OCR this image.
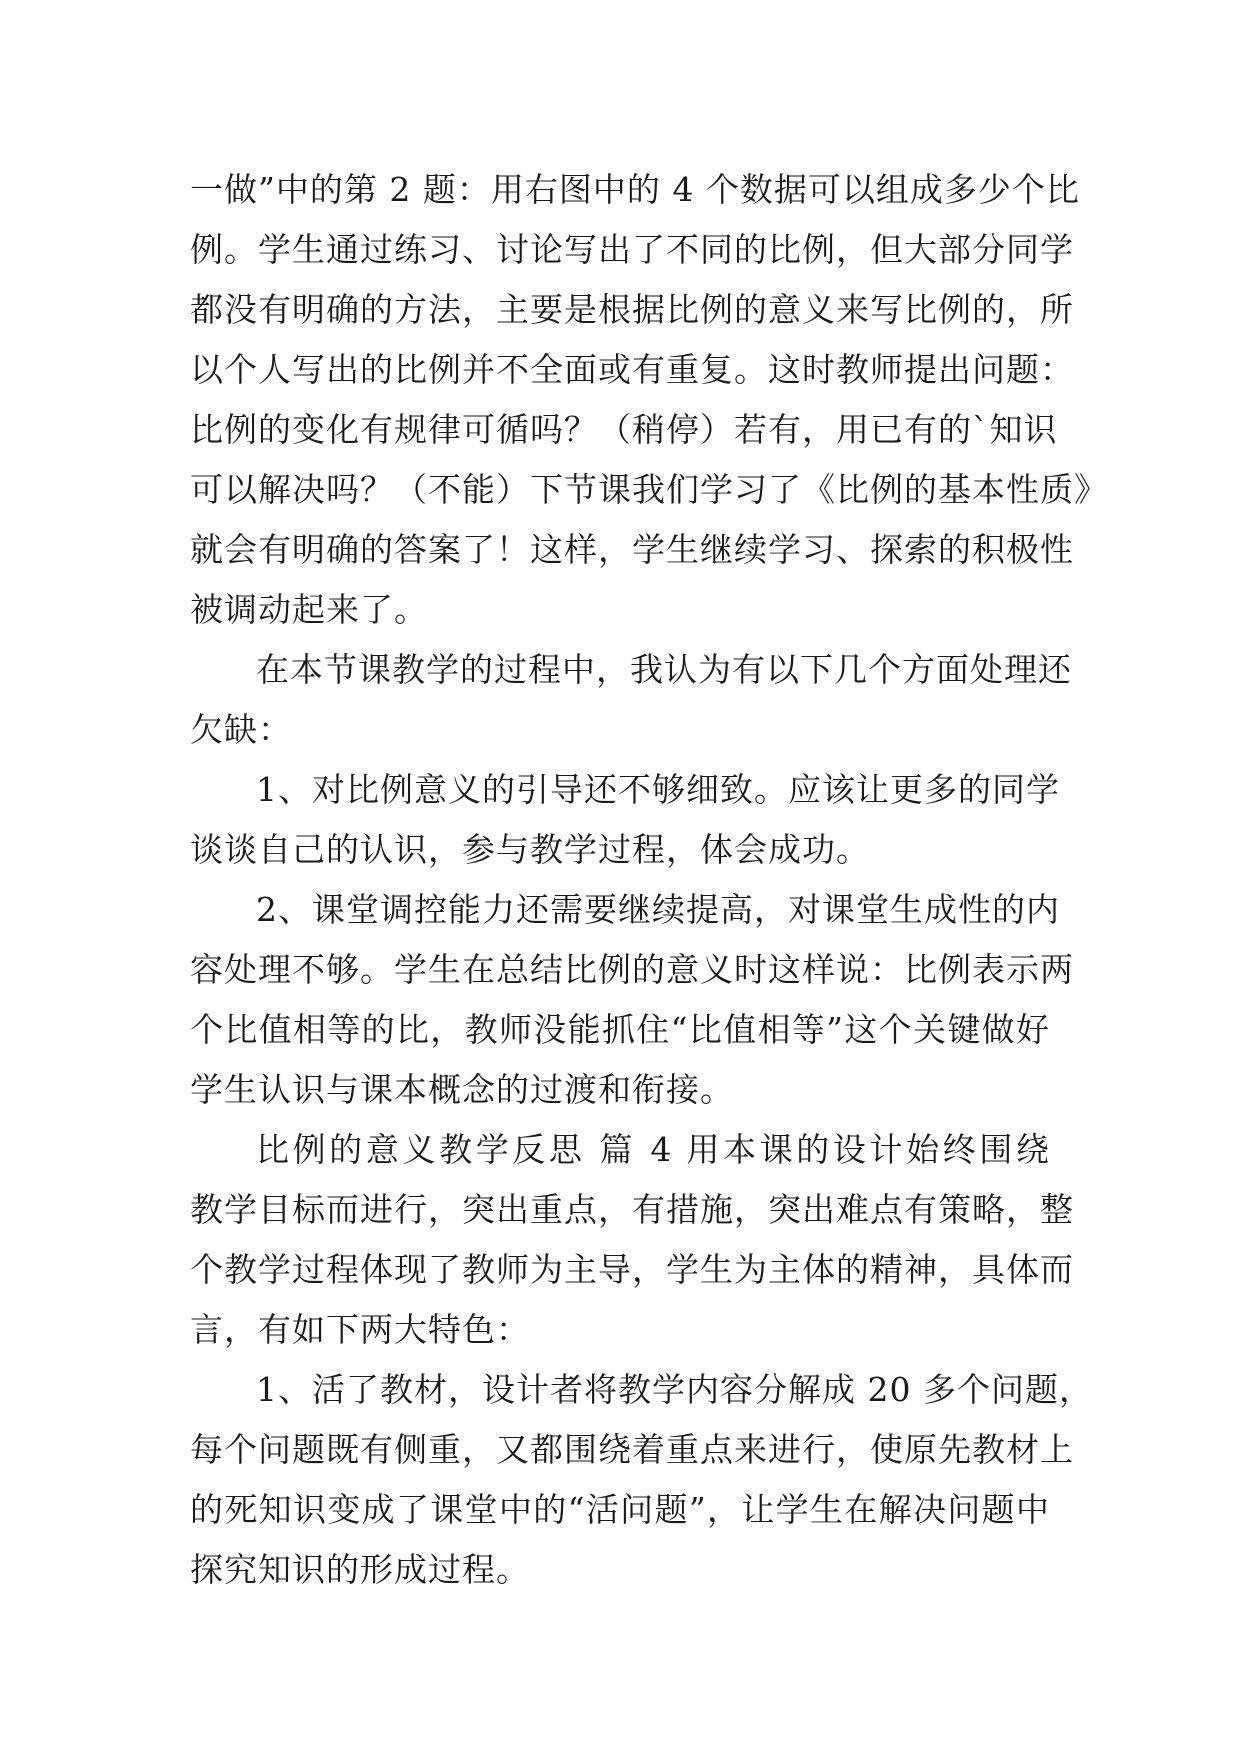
一做”中的第 2 题：用右图中的 4 个数据可以组成多少个比
例。学生通过练习、讨论写出了不同的比例，但大部分同学
都没有明确的方法，主要是根据比例的意义来写比例的，所
以个人写出的比例并不全面或有重复。这时教师提出问题：
比例的变化有规律可循吗？（稍停）若有，用已有的`知识
可以解决吗？（不能）下节课我们学习了《比例的基本性质》
就会有明确的答案了！这样，学生继续学习、探索的积极性
被调动起来了。
在本节课教学的过程中，我认为有以下几个方面处理还
欠缺：
1、对比例意义的引导还不够细致。应该让更多的同学
谈谈自己的认识，参与教学过程，体会成功。
2、课堂调控能力还需要继续提高，对课堂生成性的内
容处理不够。学生在总结比例的意义时这样说：比例表示两
个比值相等的比，教师没能抓住“比值相等”这个关键做好
学生认识与课本概念的过渡和衔接。
比例的意义教学反思 篇 4 用本课的设计始终围绕
教学目标而进行，突出重点，有措施，突出难点有策略，整
个教学过程体现了教师为主导，学生为主体的精神，具体而
言，有如下两大特色：
1、活了教材，设计者将教学内容分解成 20 多个问题，
每个问题既有侧重，又都围绕着重点来进行，使原先教材上
的死知识变成了课堂中的“活问题”，让学生在解决问题中
探究知识的形成过程。
